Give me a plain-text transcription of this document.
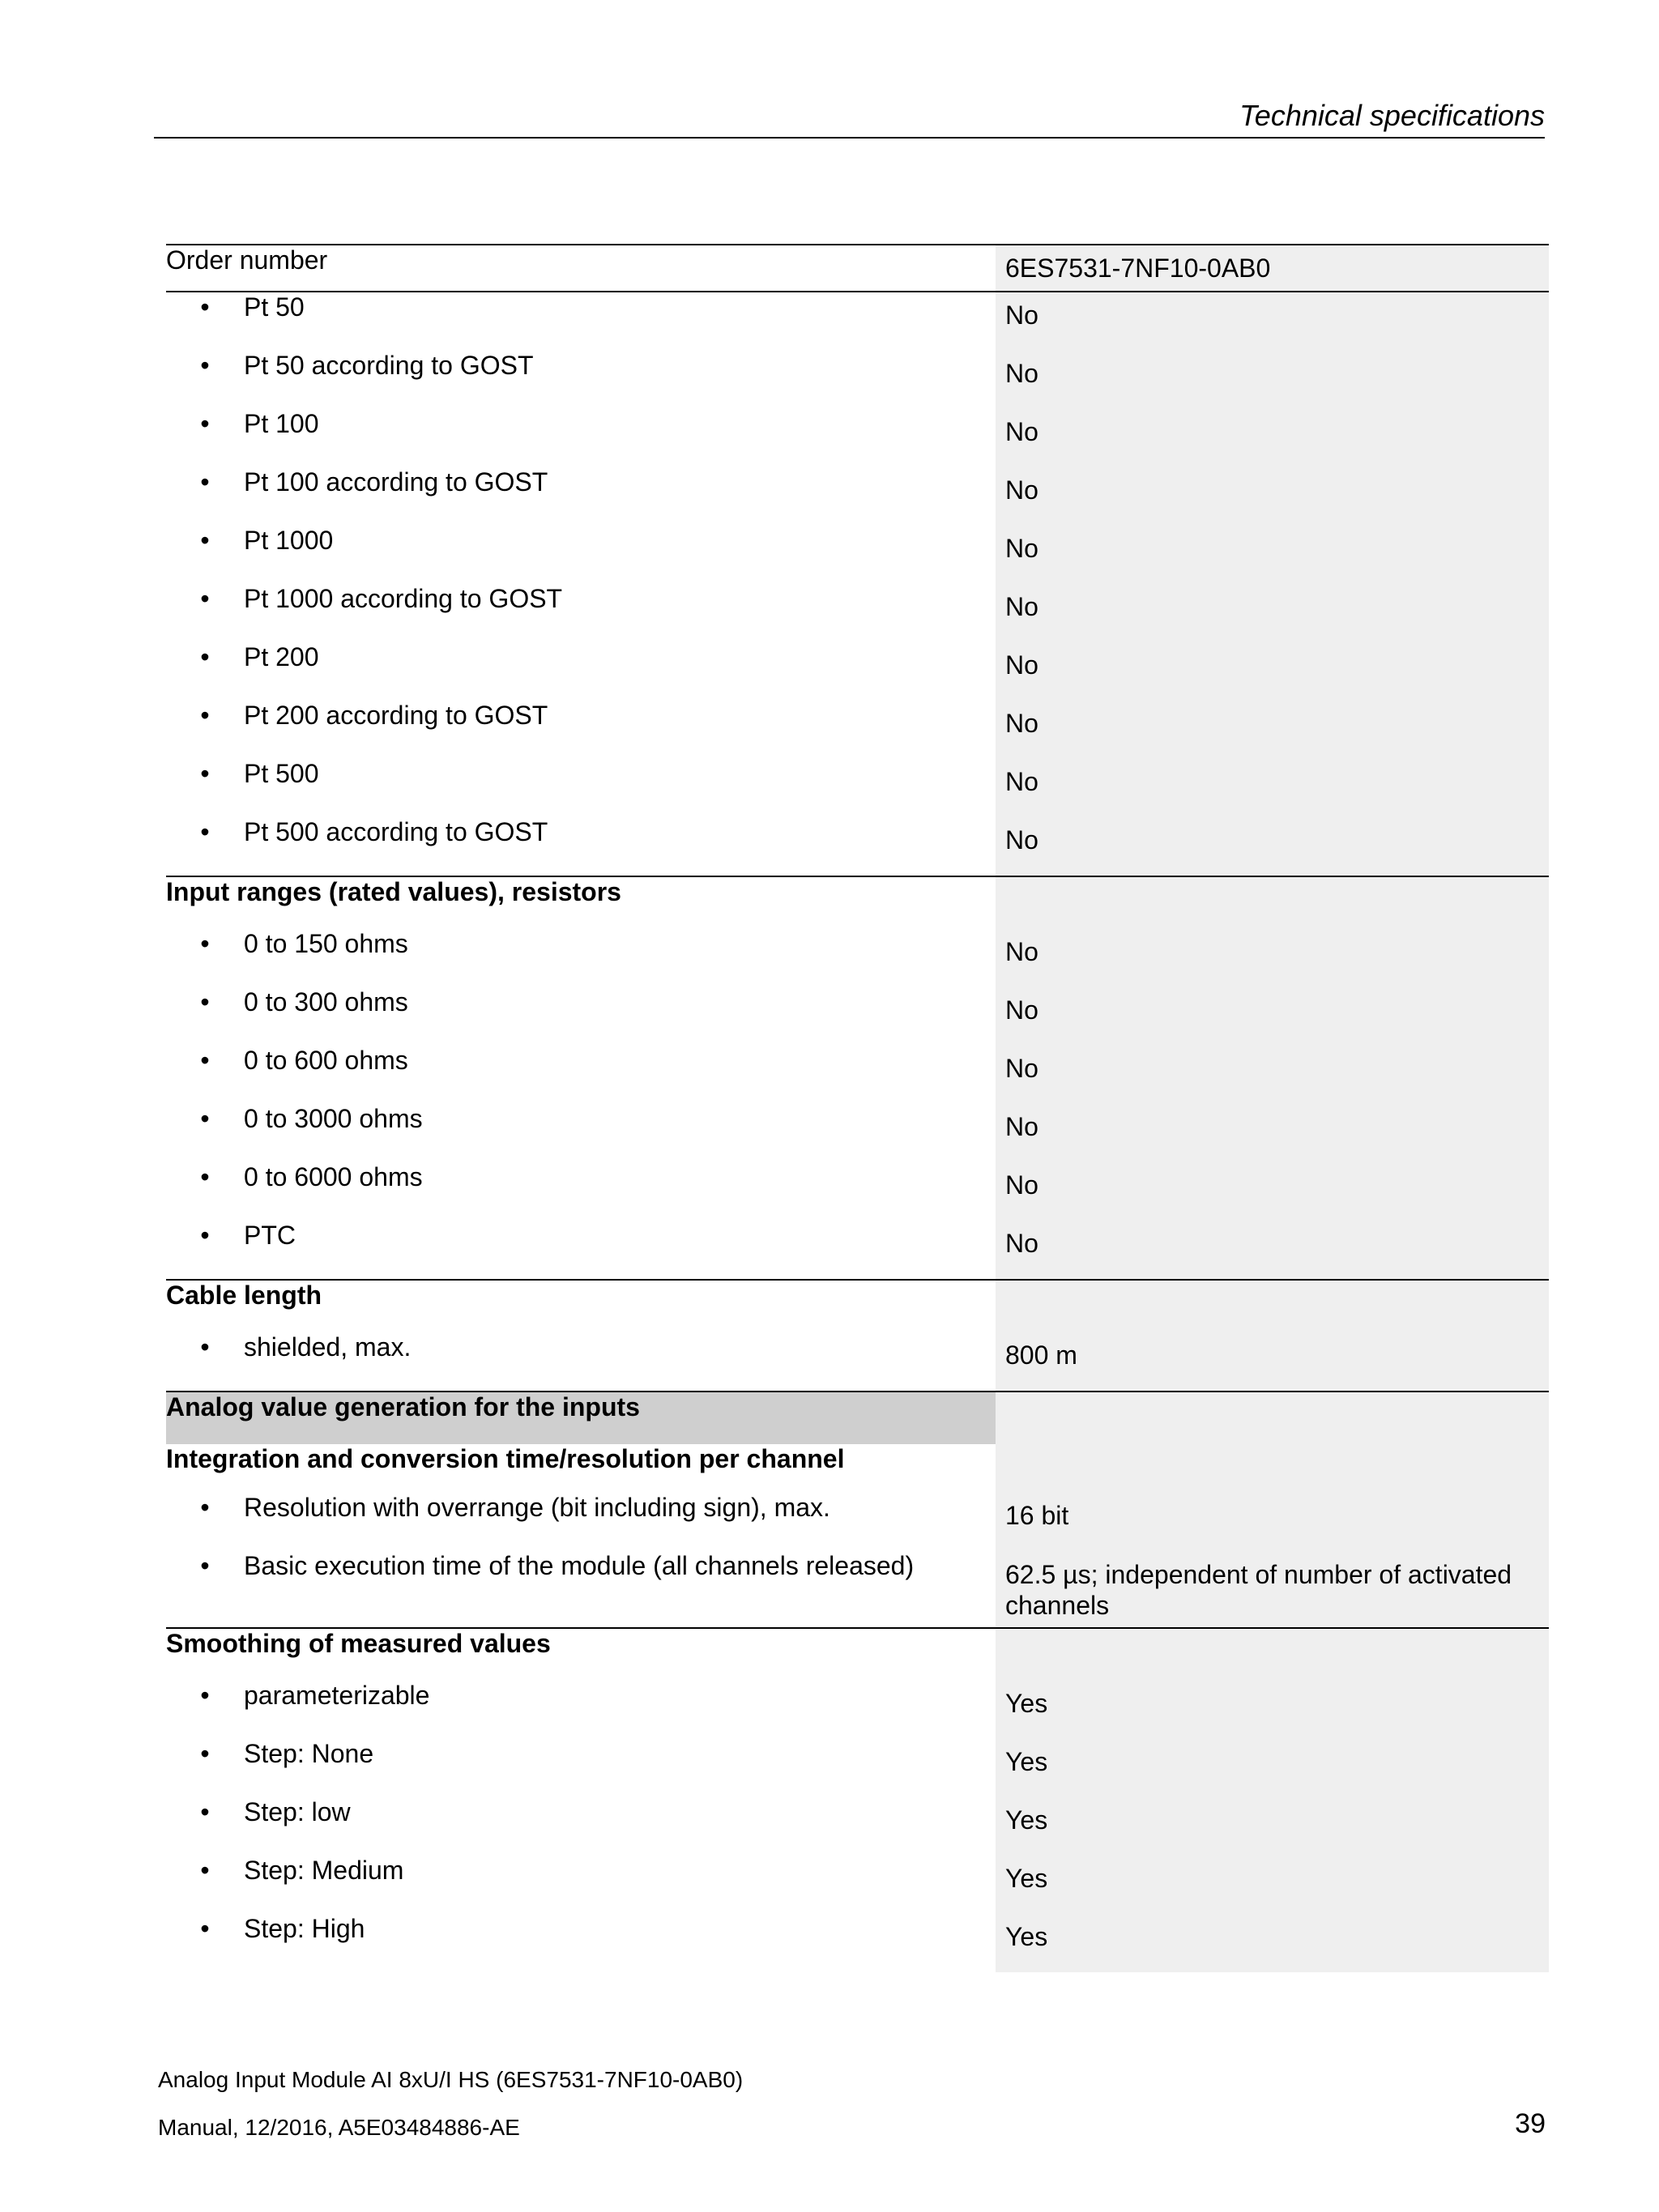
Technical specifications
Order number	6ES7531-7NF10-0AB0
• Pt 50	No
• Pt 50 according to GOST	No
• Pt 100	No
• Pt 100 according to GOST	No
• Pt 1000	No
• Pt 1000 according to GOST	No
• Pt 200	No
• Pt 200 according to GOST	No
• Pt 500	No
• Pt 500 according to GOST	No
Input ranges (rated values), resistors	
• 0 to 150 ohms	No
• 0 to 300 ohms	No
• 0 to 600 ohms	No
• 0 to 3000 ohms	No
• 0 to 6000 ohms	No
• PTC	No
Cable length	
• shielded, max.	800 m
Analog value generation for the inputs	
Integration and conversion time/resolution per channel	
• Resolution with overrange (bit including sign), max.	16 bit
• Basic execution time of the module (all channels released)	62.5 µs; independent of number of activated channels

Smoothing of measured values	
• parameterizable	Yes
• Step: None	Yes
• Step: low	Yes
• Step: Medium	Yes
• Step: High	Yes
Analog Input Module AI 8xU/I HS (6ES7531-7NF10-0AB0)
Manual, 12/2016, A5E03484886-AE	39
